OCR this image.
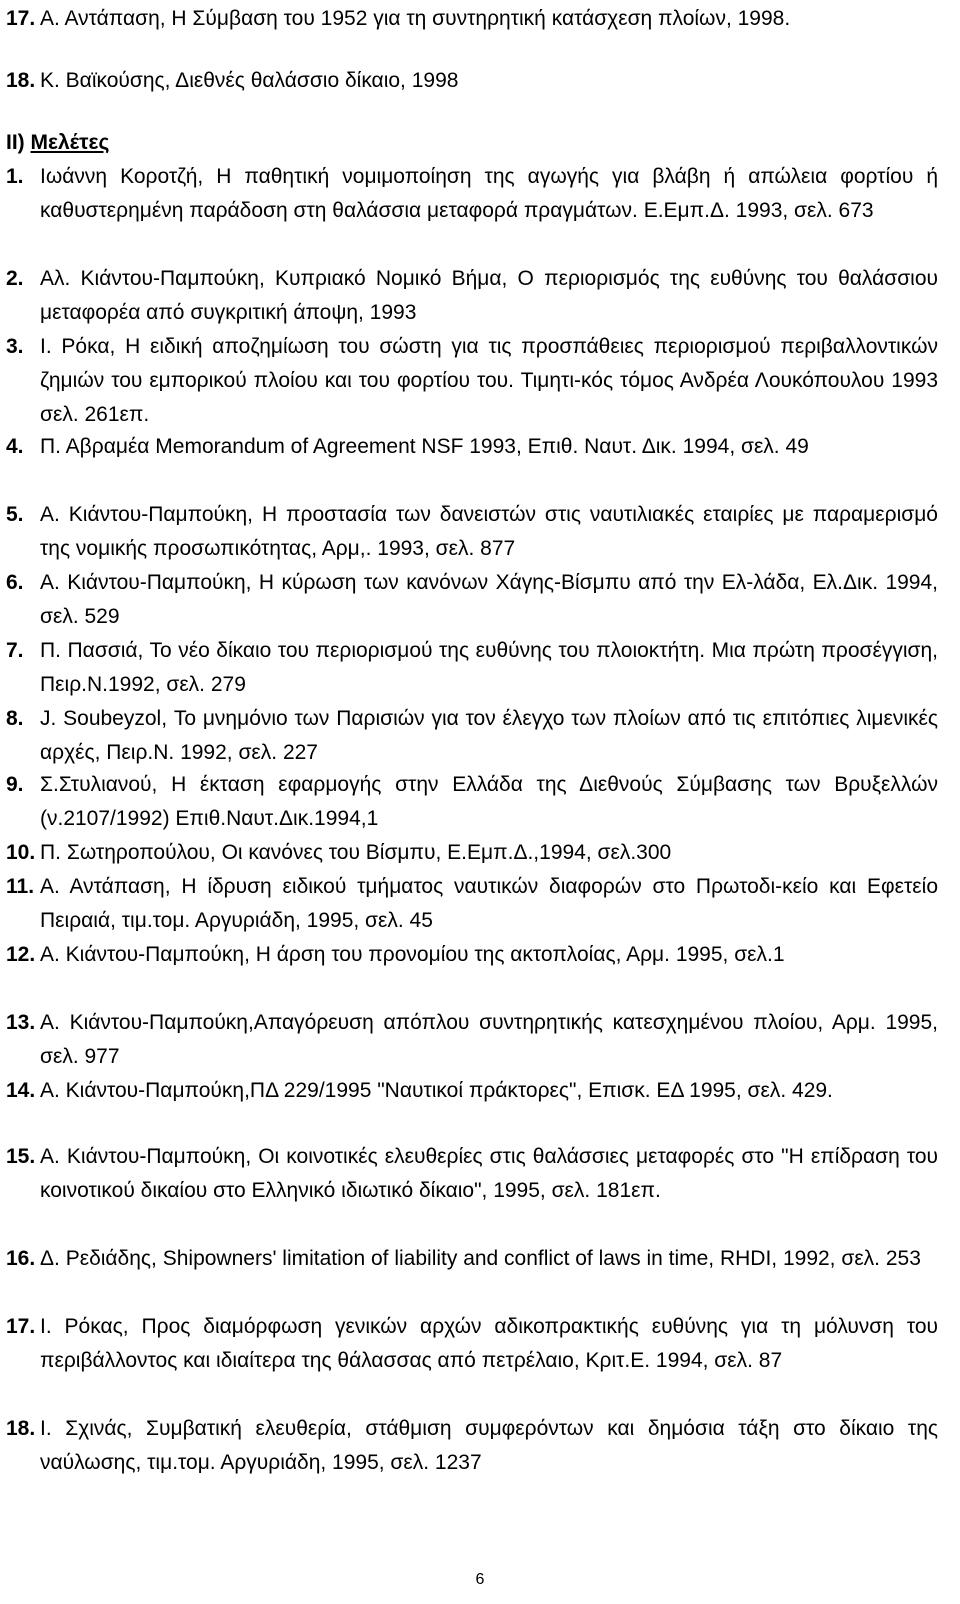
17. Α. Αντάπαση, Η Σύμβαση του 1952 για τη συντηρητική κατάσχεση πλοίων, 1998.
18. Κ. Βαϊκούσης, Διεθνές θαλάσσιο δίκαιο, 1998
ΙΙ) Μελέτες
1. Ιωάννη Κοροτζή, Η παθητική νομιμοποίηση της αγωγής για βλάβη ή απώλεια φορτίου ή καθυστερημένη παράδοση στη θαλάσσια μεταφορά πραγμάτων. Ε.Εμπ.Δ. 1993, σελ. 673
2. Αλ. Κιάντου-Παμπούκη, Κυπριακό Νομικό Βήμα, Ο περιορισμός της ευθύνης του θαλάσσιου μεταφορέα από συγκριτική άποψη, 1993
3. Ι. Ρόκα, Η ειδική αποζημίωση του σώστη για τις προσπάθειες περιορισμού περιβαλλοντικών ζημιών του εμπορικού πλοίου και του φορτίου του. Τιμητι-κός τόμος Ανδρέα Λουκόπουλου 1993 σελ. 261επ.
4. Π. Αβραμέα Memorandum of Agreement NSF 1993, Επιθ. Ναυτ. Δικ. 1994, σελ. 49
5. Α. Κιάντου-Παμπούκη, Η προστασία των δανειστών στις ναυτιλιακές εταιρίες με παραμερισμό της νομικής προσωπικότητας, Αρμ,. 1993, σελ. 877
6. Α. Κιάντου-Παμπούκη, Η κύρωση των κανόνων Χάγης-Βίσμπυ από την Ελ-λάδα, Ελ.Δικ. 1994, σελ. 529
7. Π. Πασσιά, Το νέο δίκαιο του περιορισμού της ευθύνης του πλοιοκτήτη. Μια πρώτη προσέγγιση, Πειρ.Ν.1992, σελ. 279
8. J. Soubeyzol, Το μνημόνιο των Παρισιών για τον έλεγχο των πλοίων από τις επιτόπιες λιμενικές αρχές, Πειρ.Ν. 1992, σελ. 227
9. Σ.Στυλιανού, Η έκταση εφαρμογής στην Ελλάδα της Διεθνούς Σύμβασης των Βρυξελλών (ν.2107/1992) Επιθ.Ναυτ.Δικ.1994,1
10. Π. Σωτηροπούλου, Οι κανόνες του Βίσμπυ, Ε.Εμπ.Δ.,1994, σελ.300
11. Α. Αντάπαση, Η ίδρυση ειδικού τμήματος ναυτικών διαφορών στο Πρωτοδι-κείο και Εφετείο Πειραιά, τιμ.τομ. Αργυριάδη, 1995, σελ. 45
12. Α. Κιάντου-Παμπούκη, Η άρση του προνομίου της ακτοπλοίας, Αρμ. 1995, σελ.1
13. Α. Κιάντου-Παμπούκη,Απαγόρευση απόπλου συντηρητικής κατεσχημένου πλοίου, Αρμ. 1995, σελ. 977
14. Α. Κιάντου-Παμπούκη,ΠΔ 229/1995 "Ναυτικοί πράκτορες", Επισκ. ΕΔ 1995, σελ. 429.
15. Α. Κιάντου-Παμπούκη, Οι κοινοτικές ελευθερίες στις θαλάσσιες μεταφορές στο "Η επίδραση του κοινοτικού δικαίου στο Ελληνικό ιδιωτικό δίκαιο", 1995, σελ. 181επ.
16. Δ. Ρεδιάδης, Shipowners' limitation of liability and conflict of laws in time, RHDI, 1992, σελ. 253
17. Ι. Ρόκας, Προς διαμόρφωση γενικών αρχών αδικοπρακτικής ευθύνης για τη μόλυνση του περιβάλλοντος και ιδιαίτερα της θάλασσας από πετρέλαιο, Κριτ.Ε. 1994, σελ. 87
18. Ι. Σχινάς, Συμβατική ελευθερία, στάθμιση συμφερόντων και δημόσια τάξη στο δίκαιο της ναύλωσης, τιμ.τομ. Αργυριάδη, 1995, σελ. 1237
6
